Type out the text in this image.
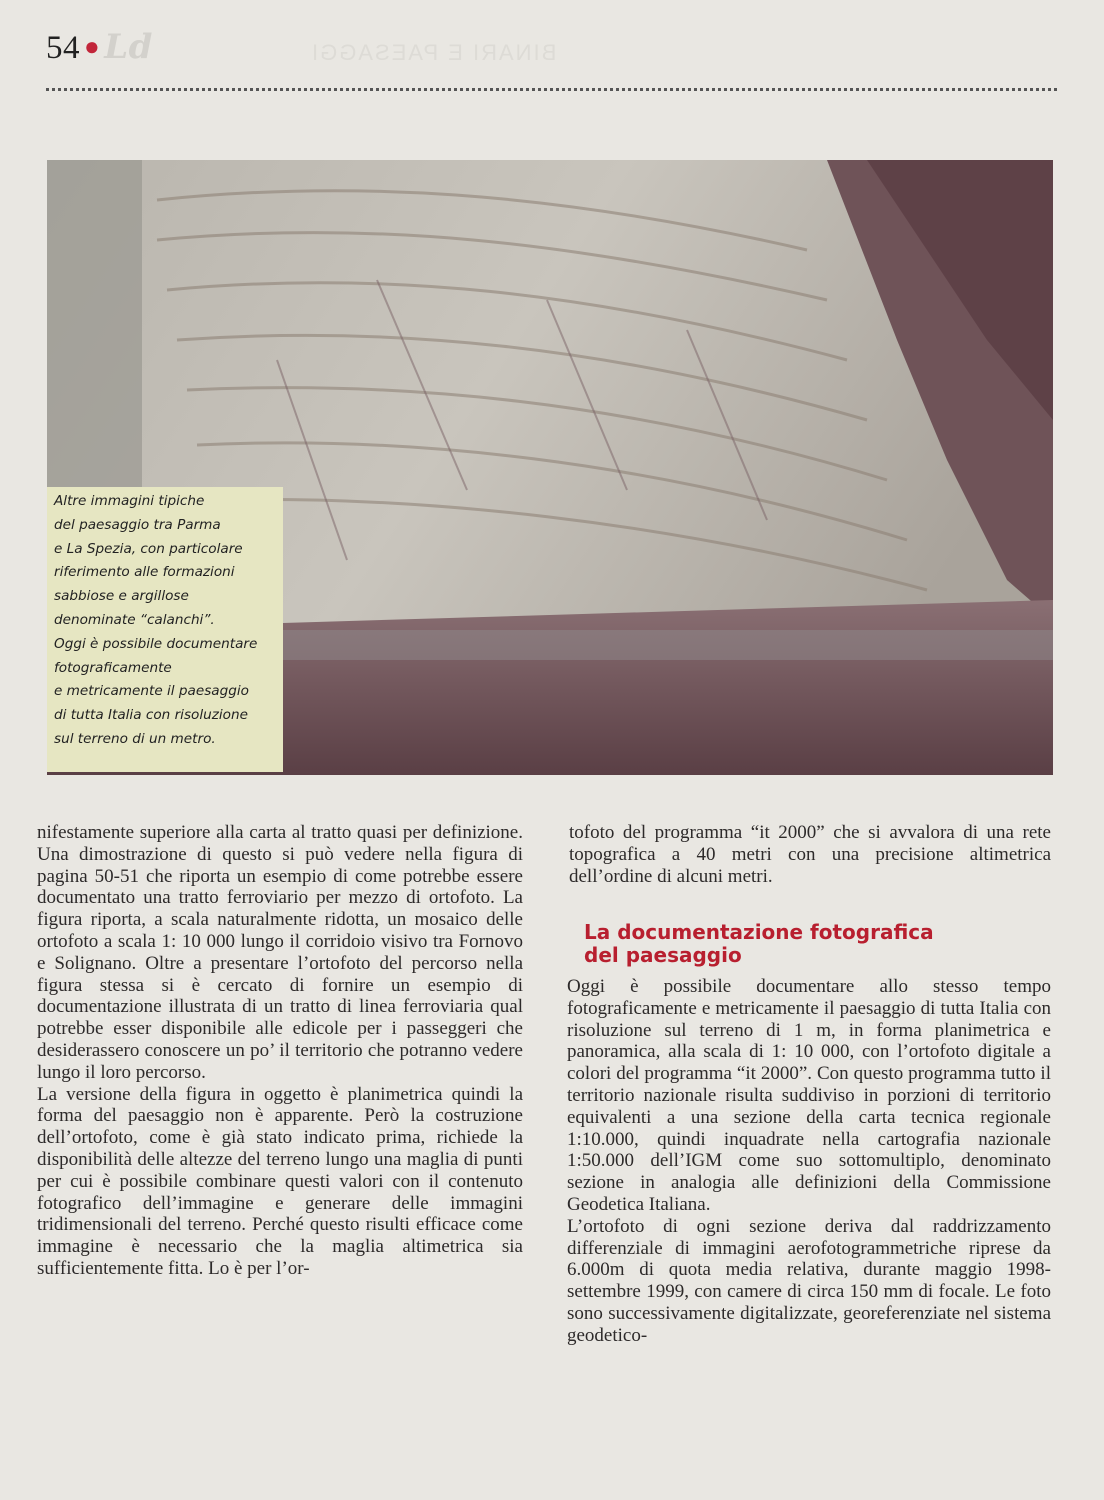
54 ● Ld	BINARI E PAESAGGI
Altre immagini tipiche
del paesaggio tra Parma
e La Spezia, con particolare
riferimento alle formazioni
sabbiose e argillose
denominate “calanchi”.
Oggi è possibile documentare
fotograficamente
e metricamente il paesaggio
di tutta Italia con risoluzione
sul terreno di un metro.

nifestamente superiore alla carta al tratto quasi per definizione. Una dimostrazione di questo si può vedere nella figura di pagina 50-51 che riporta un esempio di come potrebbe essere documentato una tratto ferroviario per mezzo di ortofoto. La figura riporta, a scala naturalmente ridotta, un mosaico delle ortofoto a scala 1: 10 000 lungo il corridoio visivo tra Fornovo e Solignano. Oltre a presentare l’ortofoto del percorso nella figura stessa si è cercato di fornire un esempio di documentazione illustrata di un tratto di linea ferroviaria qual potrebbe esser disponibile alle edicole per i passeggeri che desiderassero conoscere un po’ il territorio che potranno vedere lungo il loro percorso.

La versione della figura in oggetto è planimetrica quindi la forma del paesaggio non è apparente. Però la costruzione dell’ortofoto, come è già stato indicato prima, richiede la disponibilità delle altezze del terreno lungo una maglia di punti per cui è possibile combinare questi valori con il contenuto fotografico dell’immagine e generare delle immagini tridimensionali del terreno. Perché questo risulti efficace come immagine è necessario che la maglia altimetrica sia sufficientemente fitta. Lo è per l’or-

tofoto del programma “it 2000” che si avvalora di una rete topografica a 40 metri con una precisione altimetrica dell’ordine di alcuni metri.

La documentazione fotografica
del paesaggio

Oggi è possibile documentare allo stesso tempo fotograficamente e metricamente il paesaggio di tutta Italia con risoluzione sul terreno di 1 m, in forma planimetrica e panoramica, alla scala di 1: 10 000, con l’ortofoto digitale a colori del programma “it 2000”. Con questo programma tutto il territorio nazionale risulta suddiviso in porzioni di territorio equivalenti a una sezione della carta tecnica regionale 1:10.000, quindi inquadrate nella cartografia nazionale 1:50.000 dell’IGM come suo sottomultiplo, denominato sezione in analogia alle definizioni della Commissione Geodetica Italiana.

L’ortofoto di ogni sezione deriva dal raddrizzamento differenziale di immagini aerofotogrammetriche riprese da 6.000m di quota media relativa, durante maggio 1998- settembre 1999, con camere di circa 150 mm di focale. Le foto sono successivamente digitalizzate, georeferenziate nel sistema geodetico-
